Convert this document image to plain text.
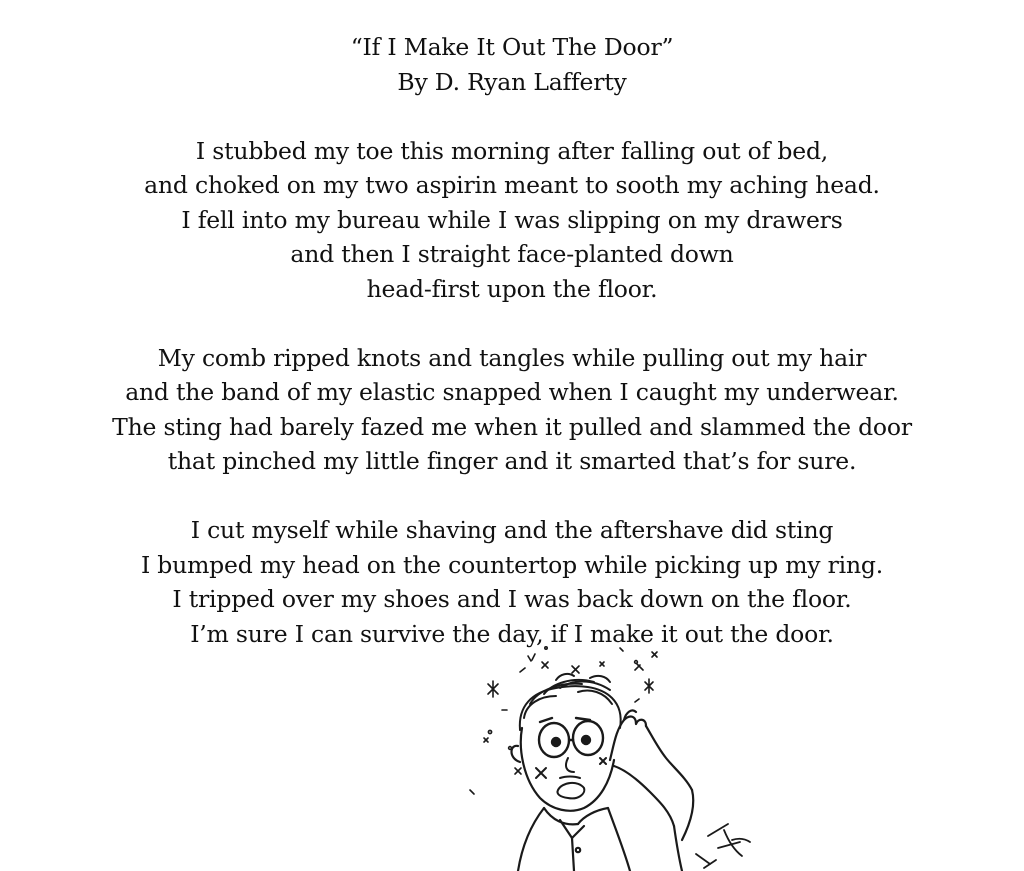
“If I Make It Out The Door”
By D. Ryan Lafferty
I stubbed my toe this morning after falling out of bed,
and choked on my two aspirin meant to sooth my aching head.
I fell into my bureau while I was slipping on my drawers
and then I straight face-planted down
head-first upon the floor.
My comb ripped knots and tangles while pulling out my hair
and the band of my elastic snapped when I caught my underwear.
The sting had barely fazed me when it pulled and slammed the door
that pinched my little finger and it smarted that’s for sure.
I cut myself while shaving and the aftershave did sting
I bumped my head on the countertop while picking up my ring.
I tripped over my shoes and I was back down on the floor.
I’m sure I can survive the day, if I make it out the door.
